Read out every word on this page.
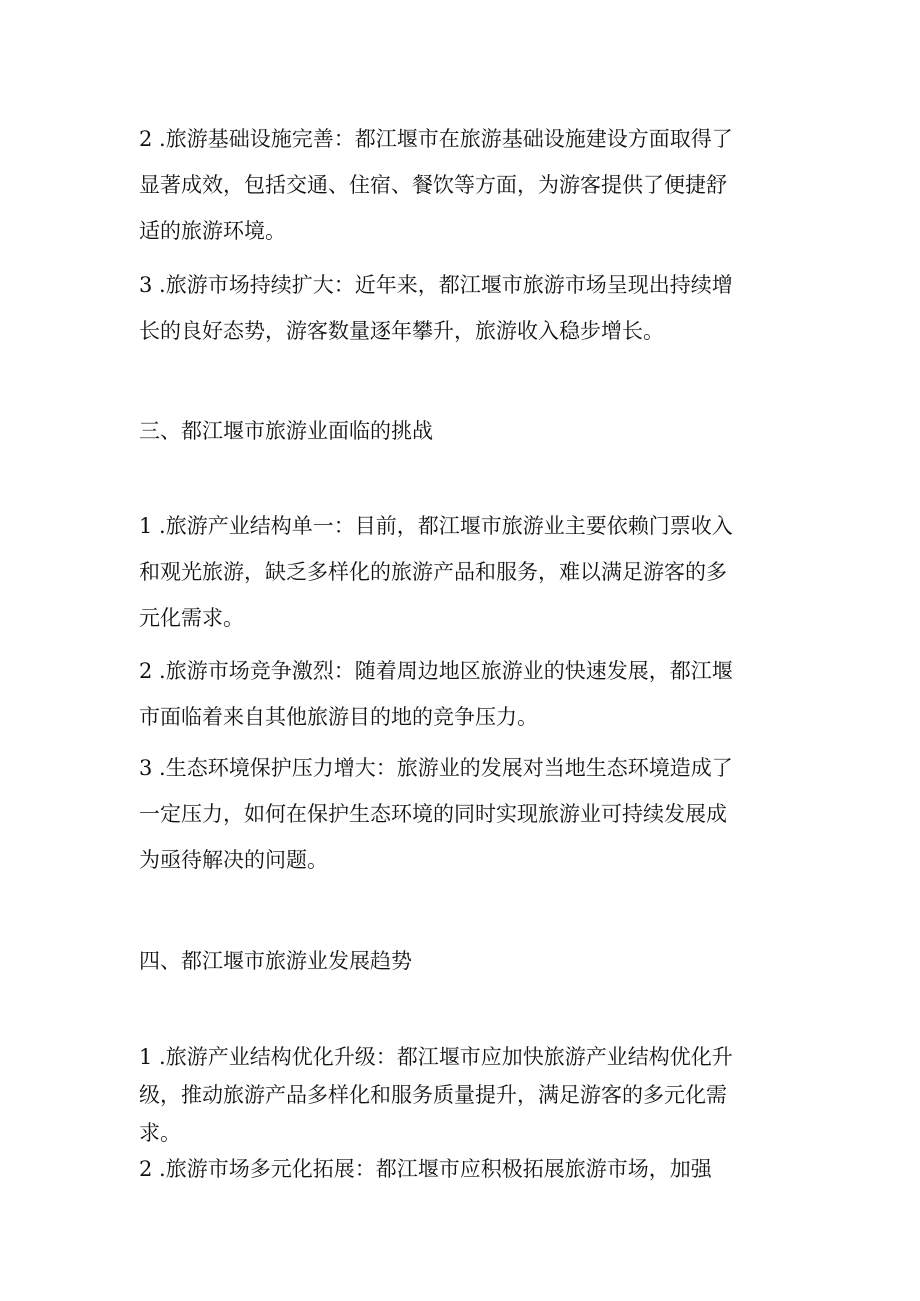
2 .旅游基础设施完善：都江堰市在旅游基础设施建设方面取得了
显著成效，包括交通、住宿、餐饮等方面，为游客提供了便捷舒
适的旅游环境。

3 .旅游市场持续扩大：近年来，都江堰市旅游市场呈现出持续增
长的良好态势，游客数量逐年攀升，旅游收入稳步增长。

三、都江堰市旅游业面临的挑战

1 .旅游产业结构单一：目前，都江堰市旅游业主要依赖门票收入
和观光旅游，缺乏多样化的旅游产品和服务，难以满足游客的多
元化需求。

2 .旅游市场竞争激烈：随着周边地区旅游业的快速发展，都江堰
市面临着来自其他旅游目的地的竞争压力。

3 .生态环境保护压力增大：旅游业的发展对当地生态环境造成了
一定压力，如何在保护生态环境的同时实现旅游业可持续发展成
为亟待解决的问题。

四、都江堰市旅游业发展趋势

1 .旅游产业结构优化升级：都江堰市应加快旅游产业结构优化升
级，推动旅游产品多样化和服务质量提升，满足游客的多元化需
求。

2 .旅游市场多元化拓展：都江堰市应积极拓展旅游市场，加强
